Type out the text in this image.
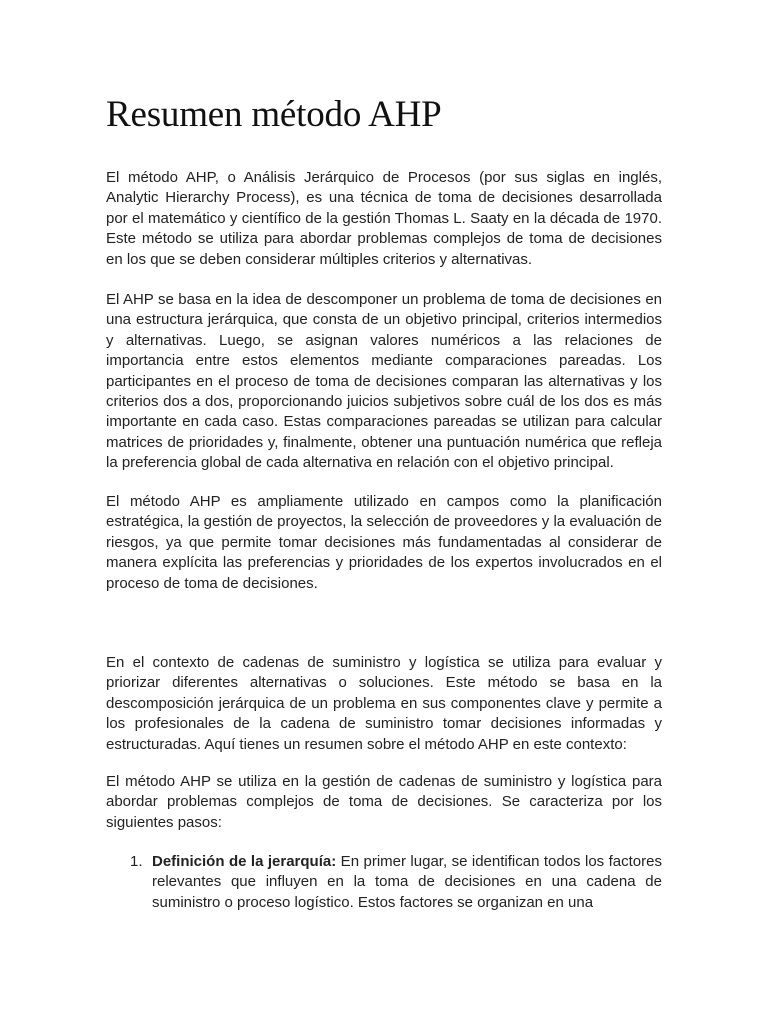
Resumen método AHP

El método AHP, o Análisis Jerárquico de Procesos (por sus siglas en inglés, Analytic Hierarchy Process), es una técnica de toma de decisiones desarrollada por el matemático y científico de la gestión Thomas L. Saaty en la década de 1970. Este método se utiliza para abordar problemas complejos de toma de decisiones en los que se deben considerar múltiples criterios y alternativas.

El AHP se basa en la idea de descomponer un problema de toma de decisiones en una estructura jerárquica, que consta de un objetivo principal, criterios intermedios y alternativas. Luego, se asignan valores numéricos a las relaciones de importancia entre estos elementos mediante comparaciones pareadas. Los participantes en el proceso de toma de decisiones comparan las alternativas y los criterios dos a dos, proporcionando juicios subjetivos sobre cuál de los dos es más importante en cada caso. Estas comparaciones pareadas se utilizan para calcular matrices de prioridades y, finalmente, obtener una puntuación numérica que refleja la preferencia global de cada alternativa en relación con el objetivo principal.

El método AHP es ampliamente utilizado en campos como la planificación estratégica, la gestión de proyectos, la selección de proveedores y la evaluación de riesgos, ya que permite tomar decisiones más fundamentadas al considerar de manera explícita las preferencias y prioridades de los expertos involucrados en el proceso de toma de decisiones.

En el contexto de cadenas de suministro y logística se utiliza para evaluar y priorizar diferentes alternativas o soluciones. Este método se basa en la descomposición jerárquica de un problema en sus componentes clave y permite a los profesionales de la cadena de suministro tomar decisiones informadas y estructuradas. Aquí tienes un resumen sobre el método AHP en este contexto:

El método AHP se utiliza en la gestión de cadenas de suministro y logística para abordar problemas complejos de toma de decisiones. Se caracteriza por los siguientes pasos:

1. Definición de la jerarquía: En primer lugar, se identifican todos los factores relevantes que influyen en la toma de decisiones en una cadena de suministro o proceso logístico. Estos factores se organizan en una
